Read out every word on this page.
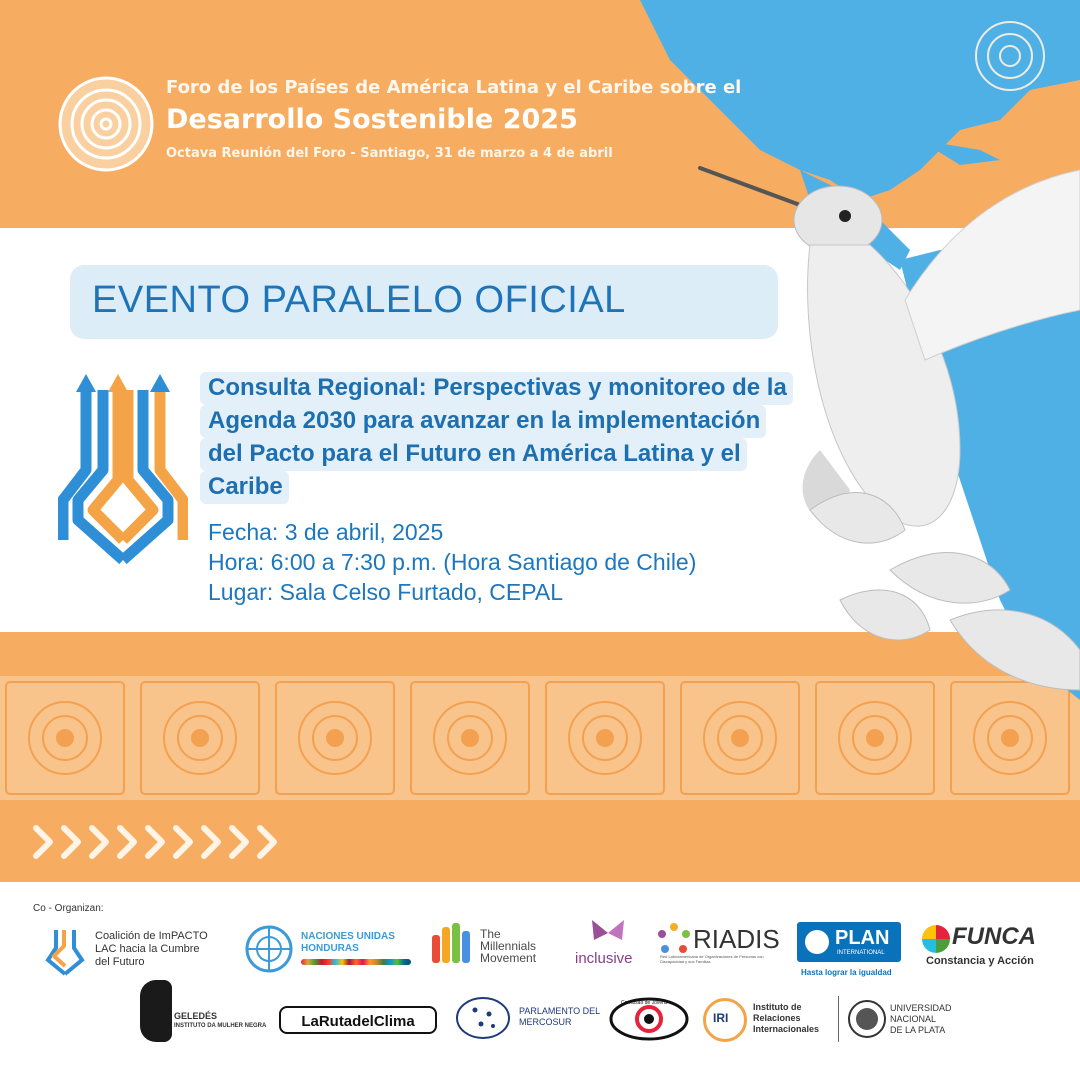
Foro de los Países de América Latina y el Caribe sobre el
Desarrollo Sostenible 2025
Octava Reunión del Foro - Santiago, 31 de marzo a 4 de abril
EVENTO PARALELO OFICIAL
Consulta Regional: Perspectivas y monitoreo de la
Agenda 2030 para avanzar en la implementación
del Pacto para el Futuro en América Latina y el
Caribe
Fecha: 3 de abril, 2025
Hora: 6:00 a 7:30 p.m. (Hora Santiago de Chile)
Lugar: Sala Celso Furtado, CEPAL
Co - Organizan:
Coalición de ImPACTO
LAC hacia la Cumbre
del Futuro
NACIONES UNIDAS
HONDURAS
The
Millennials
Movement	inclusive
RIADIS
Red Latinoamericana de Organizaciones de Personas con Discapacidad y sus Familias
PLAN
INTERNATIONAL
Hasta lograr la igualdad
FUNCA
Constancia y Acción
GELEDÉS
INSTITUTO DA MULHER NEGRA	LaRutadelClima
PARLAMENTO DEL
MERCOSUR
Comissão de Jovens
IRI
Instituto de
Relaciones
Internacionales
UNIVERSIDAD
NACIONAL
DE LA PLATA
